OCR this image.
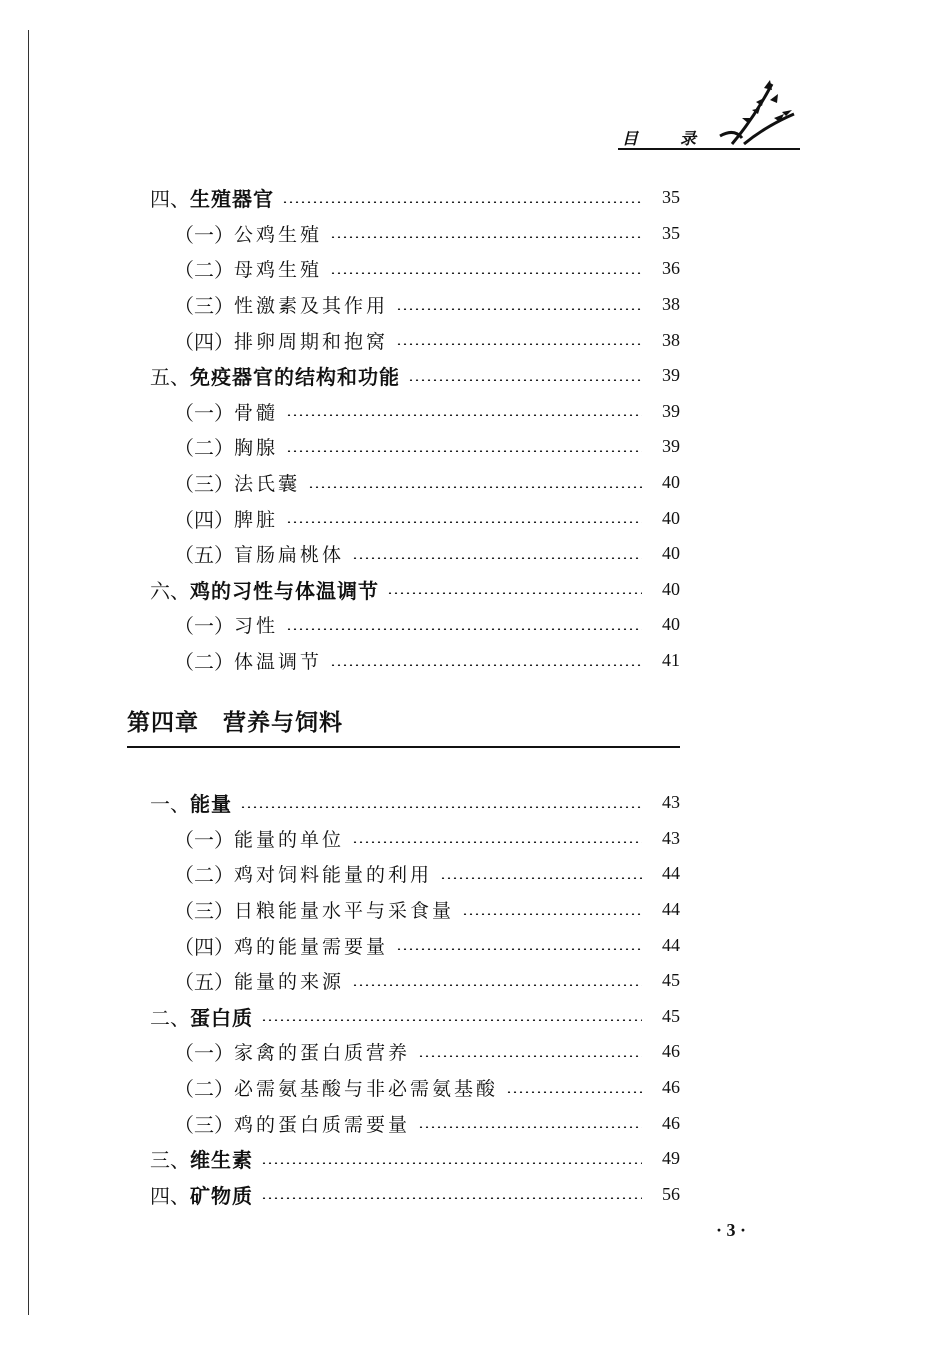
目	录
四、 生殖器官	35
（一） 公鸡生殖	35
（二） 母鸡生殖	36
（三） 性激素及其作用	38
（四） 排卵周期和抱窝	38
五、 免疫器官的结构和功能	39
（一） 骨髓	39
（二） 胸腺	39
（三） 法氏囊	40
（四） 脾脏	40
（五） 盲肠扁桃体	40
六、 鸡的习性与体温调节	40
（一） 习性	40
（二） 体温调节	41
第四章 营养与饲料
一、 能量	43
（一） 能量的单位	43
（二） 鸡对饲料能量的利用	44
（三） 日粮能量水平与采食量	44
（四） 鸡的能量需要量	44
（五） 能量的来源	45
二、 蛋白质	45
（一） 家禽的蛋白质营养	46
（二） 必需氨基酸与非必需氨基酸	46
（三） 鸡的蛋白质需要量	46
三、 维生素	49
四、 矿物质	56
· 3 ·
